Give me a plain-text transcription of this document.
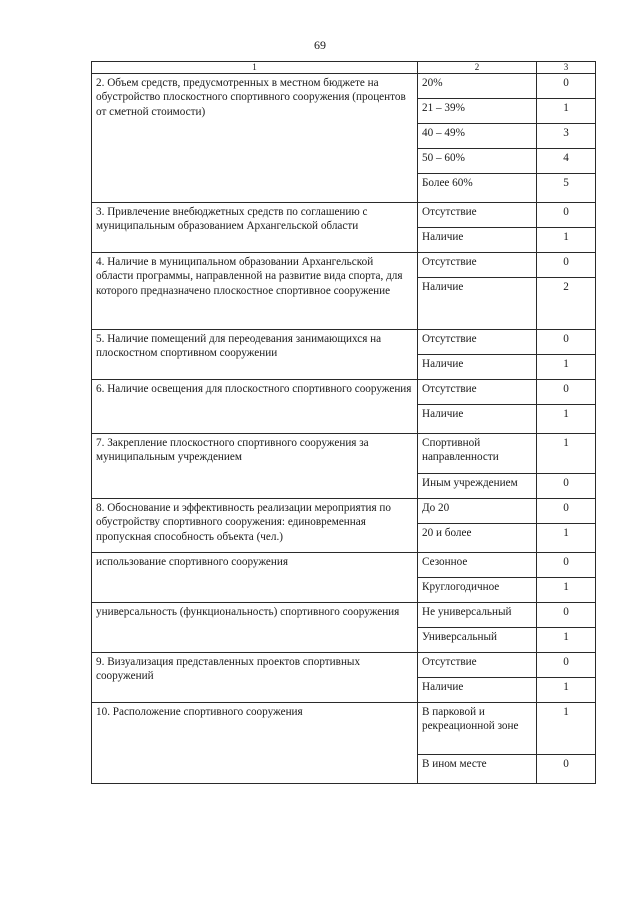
69
1	2	3
2. Объем средств, предусмотренных в местном бюджете на обустройство плоскостного спортивного сооружения (процентов от сметной стоимости)	20%	0
	21 – 39%	1
	40 – 49%	3
	50 – 60%	4
	Более 60%	5
3. Привлечение внебюджетных средств по соглашению с муниципальным образованием Архангельской области	Отсутствие	0
	Наличие	1
4. Наличие в муниципальном образовании Архангельской области программы, направленной на развитие вида спорта, для которого предназначено плоскостное спортивное сооружение	Отсутствие	0
	Наличие	2
5. Наличие помещений для переодевания занимающихся на плоскостном спортивном сооружении	Отсутствие	0
	Наличие	1
6. Наличие освещения для плоскостного спортивного сооружения	Отсутствие	0
	Наличие	1
7. Закрепление плоскостного спортивного сооружения за муниципальным учреждением	Спортивной направленности	1
	Иным учреждением	0
8. Обоснование и эффективность реализации мероприятия по обустройству спортивного сооружения: единовременная пропускная способность объекта (чел.)	До 20	0
	20 и более	1
использование спортивного сооружения	Сезонное	0
	Круглогодичное	1
универсальность (функциональность) спортивного сооружения	Не универсальный	0
	Универсальный	1
9. Визуализация представленных проектов спортивных сооружений	Отсутствие	0
	Наличие	1
10. Расположение спортивного сооружения	В парковой и рекреационной зоне	1
	В ином месте	0
